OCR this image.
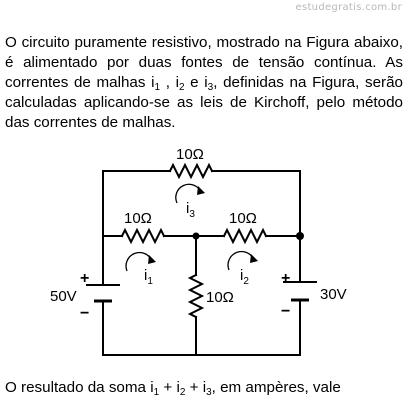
estudegratis.com.br
O circuito puramente resistivo, mostrado na Figura abaixo, é alimentado por duas fontes de tensão contínua. As correntes de malhas $i_1$ , $i_2$ e $i_3$, definidas na Figura, serão calculadas aplicando-se as leis de Kirchoff, pelo método das correntes de malhas.
10Ω
10Ω	10Ω
10Ω
50V	30V
+
−
+
−
$i_3$
$i_1$	$i_2$
O resultado da soma $i_1 + i_2 + i_3$, em ampères, vale
